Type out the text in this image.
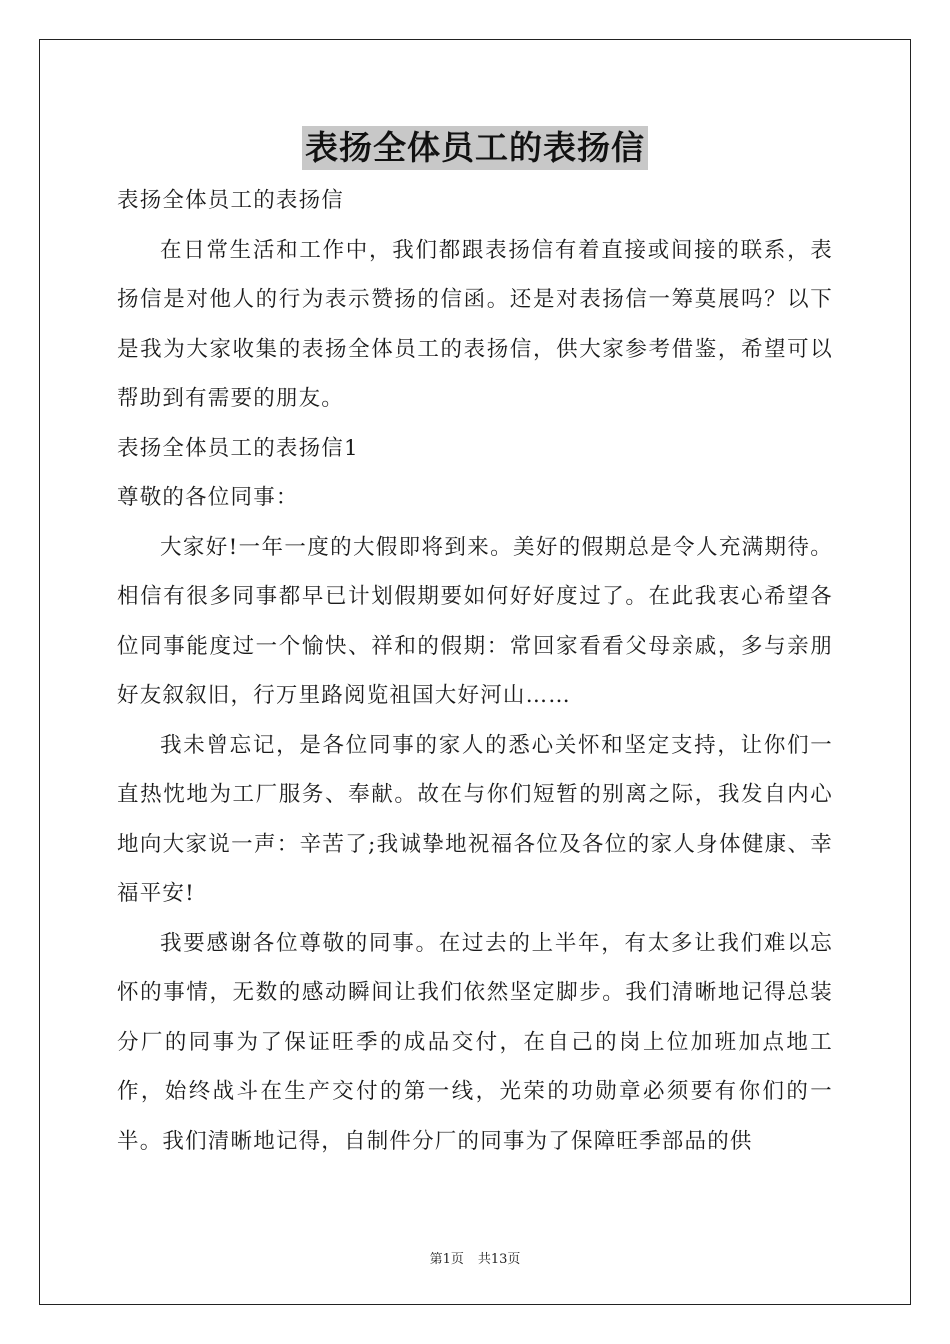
表扬全体员工的表扬信

表扬全体员工的表扬信

在日常生活和工作中，我们都跟表扬信有着直接或间接的联系，表扬信是对他人的行为表示赞扬的信函。还是对表扬信一筹莫展吗？以下是我为大家收集的表扬全体员工的表扬信，供大家参考借鉴，希望可以帮助到有需要的朋友。

表扬全体员工的表扬信1

尊敬的各位同事：

大家好!一年一度的大假即将到来。美好的假期总是令人充满期待。相信有很多同事都早已计划假期要如何好好度过了。在此我衷心希望各位同事能度过一个愉快、祥和的假期：常回家看看父母亲戚，多与亲朋好友叙叙旧，行万里路阅览祖国大好河山……

我未曾忘记，是各位同事的家人的悉心关怀和坚定支持，让你们一直热忱地为工厂服务、奉献。故在与你们短暂的别离之际，我发自内心地向大家说一声：辛苦了;我诚挚地祝福各位及各位的家人身体健康、幸福平安!

我要感谢各位尊敬的同事。在过去的上半年，有太多让我们难以忘怀的事情，无数的感动瞬间让我们依然坚定脚步。我们清晰地记得总装分厂的同事为了保证旺季的成品交付，在自己的岗上位加班加点地工作，始终战斗在生产交付的第一线，光荣的功勋章必须要有你们的一半。我们清晰地记得，自制件分厂的同事为了保障旺季部品的供

第1页 共13页
